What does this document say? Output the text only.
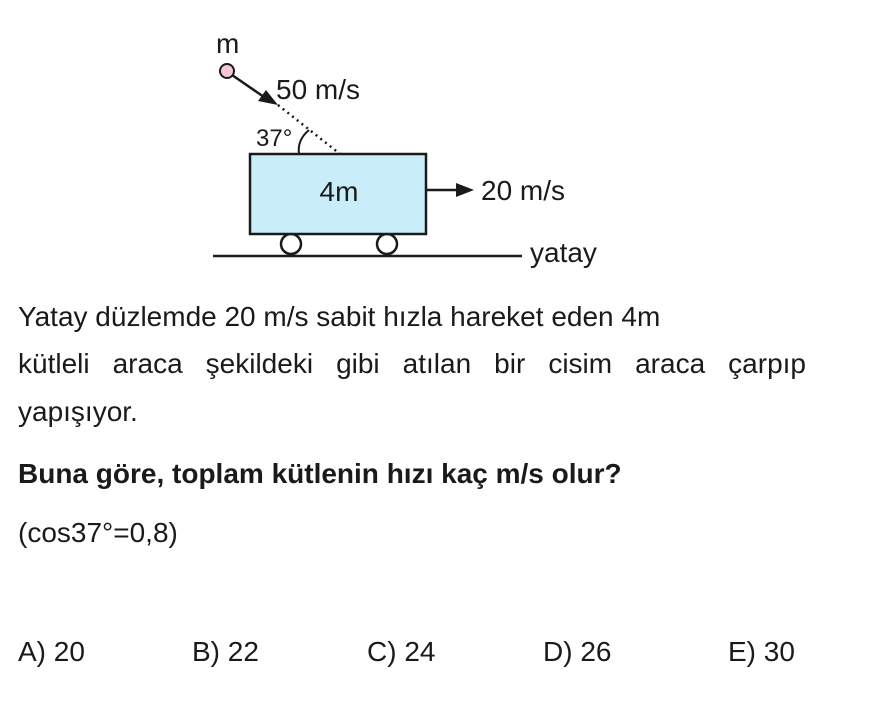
yatay
4m	20 m/s
m
50 m/s
37°
Yatay düzlemde 20 m/s sabit hızla hareket eden 4m
kütleli araca şekildeki gibi atılan bir cisim araca çarpıp
yapışıyor.
Buna göre, toplam kütlenin hızı kaç m/s olur?
(cos37°=0,8)
A) 20	B) 22	C) 24	D) 26	E) 30
